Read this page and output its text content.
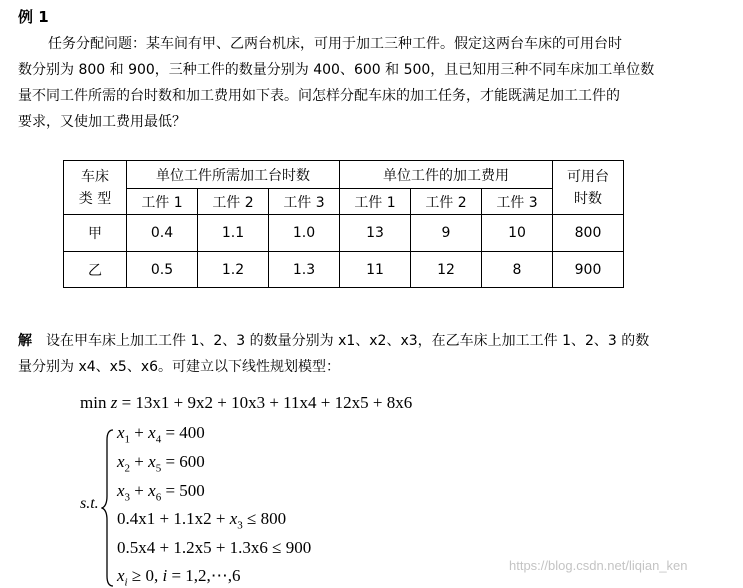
例 1
任务分配问题：某车间有甲、乙两台机床，可用于加工三种工件。假定这两台车床的可用台时
数分别为 800 和 900，三种工件的数量分别为 400、600 和 500，且已知用三种不同车床加工单位数
量不同工件所需的台时数和加工费用如下表。问怎样分配车床的加工任务，才能既满足加工工件的
要求，又使加工费用最低？
车床
类 型	单位工件所需加工台时数			单位工件的加工费用			可用台
时数
	工件 1	工件 2	工件 3	工件 1	工件 2	工件 3	
甲	0.4	1.1	1.0	13	9	10	800
乙	0.5	1.2	1.3	11	12	8	900
解 设在甲车床上加工工件 1、2、3 的数量分别为 x1、x2、x3，在乙车床上加工工件 1、2、3 的数
量分别为 x4、x5、x6。可建立以下线性规划模型：
min z = 13x1 + 9x2 + 10x3 + 11x4 + 12x5 + 8x6
s.t.
$x_1 + x_4 = 400$
$x_2 + x_5 = 600$
$x_3 + x_6 = 500$
$0.4x1 + 1.1x2 + x_3 \le 800$
0.5x4 + 1.2x5 + 1.3x6 ≤ 900
$x_i \ge 0$, i = 1,2,⋯,6
https://blog.csdn.net/liqian_ken
